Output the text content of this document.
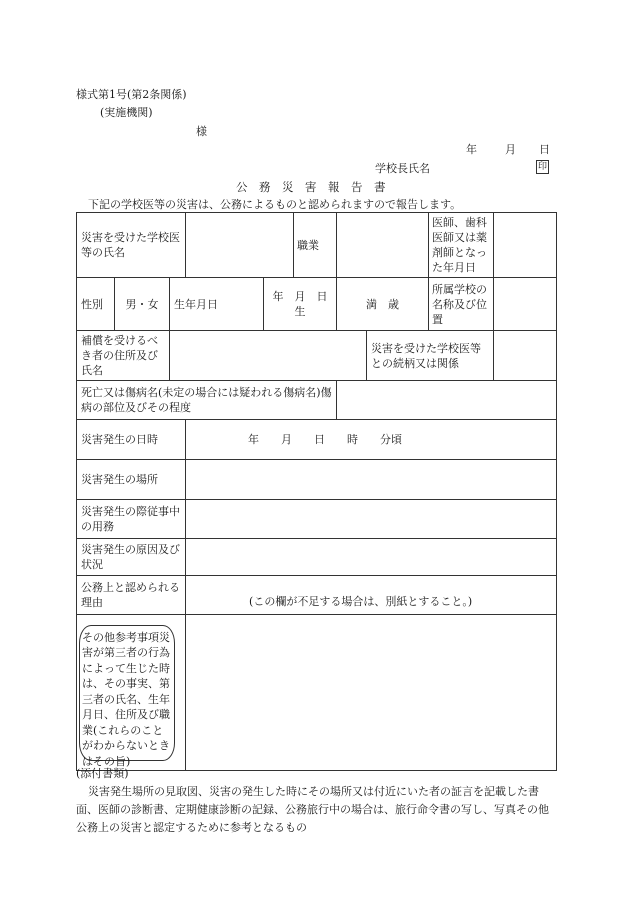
様式第1号(第2条関係)
(実施機関)
様
年	月 日
学校長氏名	印
公　務　災　害　報　告　書
下記の学校医等の災害は、公務によるものと認められますので報告します。
災害を受けた学校医等の氏名					職業			医師、歯科医師又は薬剤師となった年月日	
性別	男・女	生年月日		年　月　日生		満　歳		所属学校の名称及び位置	
補償を受けるべき者の住所及び氏名							災害を受けた学校医等との続柄又は関係		
死亡又は傷病名(未定の場合には疑われる傷病名)傷病の部位及びその程度									
災害発生の日時			年　　月　　日　　時　　分頃						
災害発生の場所									
災害発生の際従事中の用務									
災害発生の原因及び状況									
公務上と認められる理由			(この欄が不足する場合は、別紙とすること。)						

その他参考事項災害が第三者の行為によって生じた時は、その事実、第三者の氏名、生年月日、住所及び職業(これらのことがわからないときはその旨)									

(添付書類)
災害発生場所の見取図、災害の発生した時にその場所又は付近にいた者の証言を記載した書面、医師の診断書、定期健康診断の記録、公務旅行中の場合は、旅行命令書の写し、写真その他公務上の災害と認定するために参考となるもの
